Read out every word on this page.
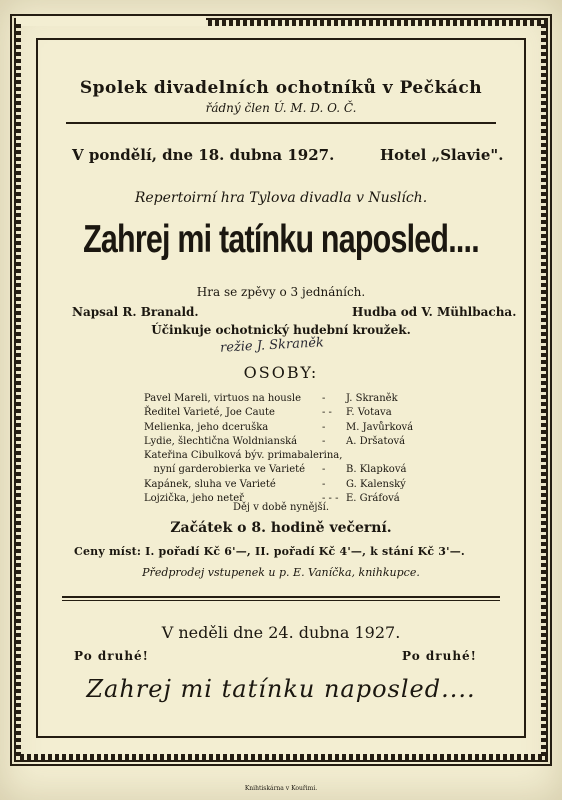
Spolek divadelních ochotníků v Pečkách
řádný člen Ú. M. D. O. Č.
V pondělí, dne 18. dubna 1927.	Hotel „Slavie".
Repertoirní hra Tylova divadla v Nuslích.
Zahrej mi tatínku naposled....
Hra se zpěvy o 3 jednáních.
Napsal R. Branald.	Hudba od V. Mühlbacha.
Účinkuje ochotnický hudební kroužek.
režie J. Skraněk
OSOBY:
Pavel Mareli, virtuos na housle - J. Skraněk
Ředitel Varieté, Joe Caute	- - F. Votava
Melienka, jeho dceruška	- M. Javůrková
Lydie, šlechtična Woldnianská - A. Dršatová
Kateřina Cibulková býv. primabalerina,
nyní garderobierka ve Varieté - B. Klapková
Kapánek, sluha ve Varieté	- G. Kalenský
Lojzička, jeho neteř	- - - E. Gráfová
Děj v době nynější.
Začátek o 8. hodině večerní.
Ceny míst: I. pořadí Kč 6'—, II. pořadí Kč 4'—, k stání Kč 3'—.
Předprodej vstupenek u p. E. Vaníčka, knihkupce.
V neděli dne 24. dubna 1927.
Po druhé!	Po druhé!
Zahrej mi tatínku naposled....
Knihtiskárna v Kouřimi.
